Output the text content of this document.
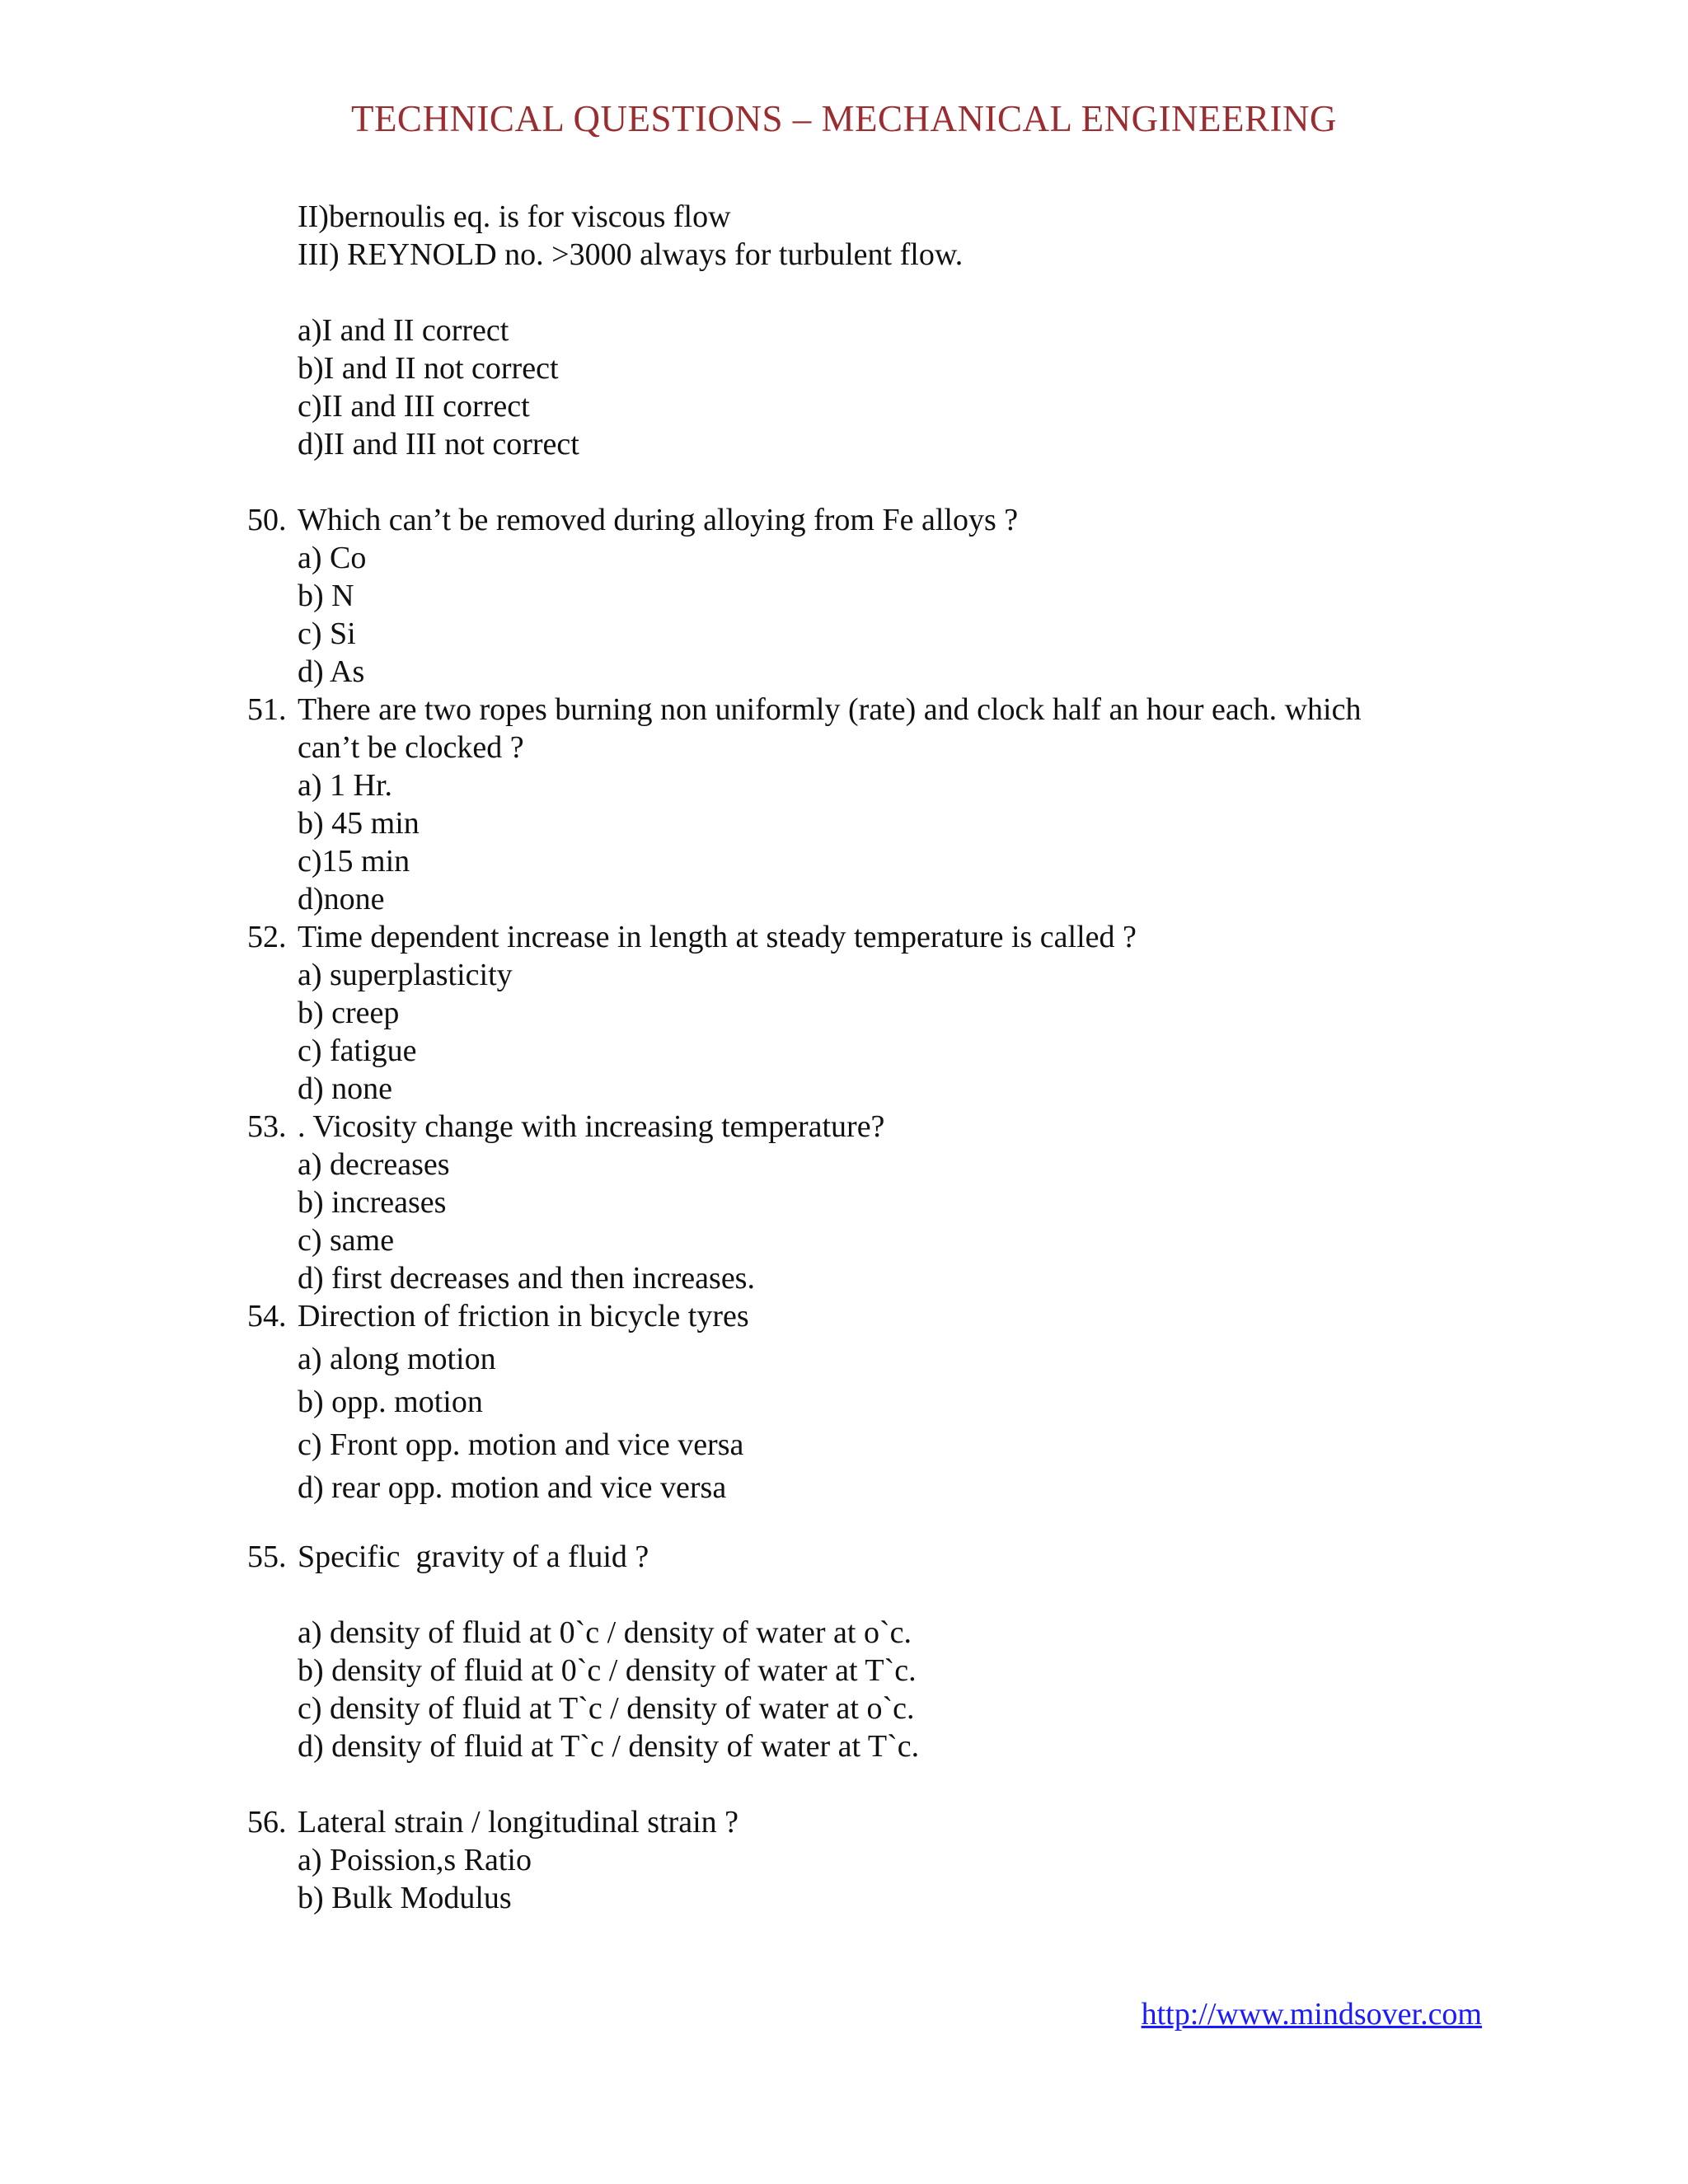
TECHNICAL QUESTIONS – MECHANICAL ENGINEERING
II)bernoulis eq. is for viscous flow
III) REYNOLD no. >3000 always for turbulent flow.
a)I and II correct
b)I and II not correct
c)II and III correct
d)II and III not correct
50. Which can’t be removed during alloying from Fe alloys ?
a) Co
b) N
c) Si
d) As
51. There are two ropes burning non uniformly (rate) and clock half an hour each. which
can’t be clocked ?
a) 1 Hr.
b) 45 min
c)15 min
d)none
52. Time dependent increase in length at steady temperature is called ?
a) superplasticity
b) creep
c) fatigue
d) none
53. . Vicosity change with increasing temperature?
a) decreases
b) increases
c) same
d) first decreases and then increases.
54. Direction of friction in bicycle tyres
a) along motion
b) opp. motion
c) Front opp. motion and vice versa
d) rear opp. motion and vice versa
55. Specific  gravity of a fluid ?
a) density of fluid at 0`c / density of water at o`c.
b) density of fluid at 0`c / density of water at T`c.
c) density of fluid at T`c / density of water at o`c.
d) density of fluid at T`c / density of water at T`c.
56. Lateral strain / longitudinal strain ?
a) Poission,s Ratio
b) Bulk Modulus
http://www.mindsover.com
